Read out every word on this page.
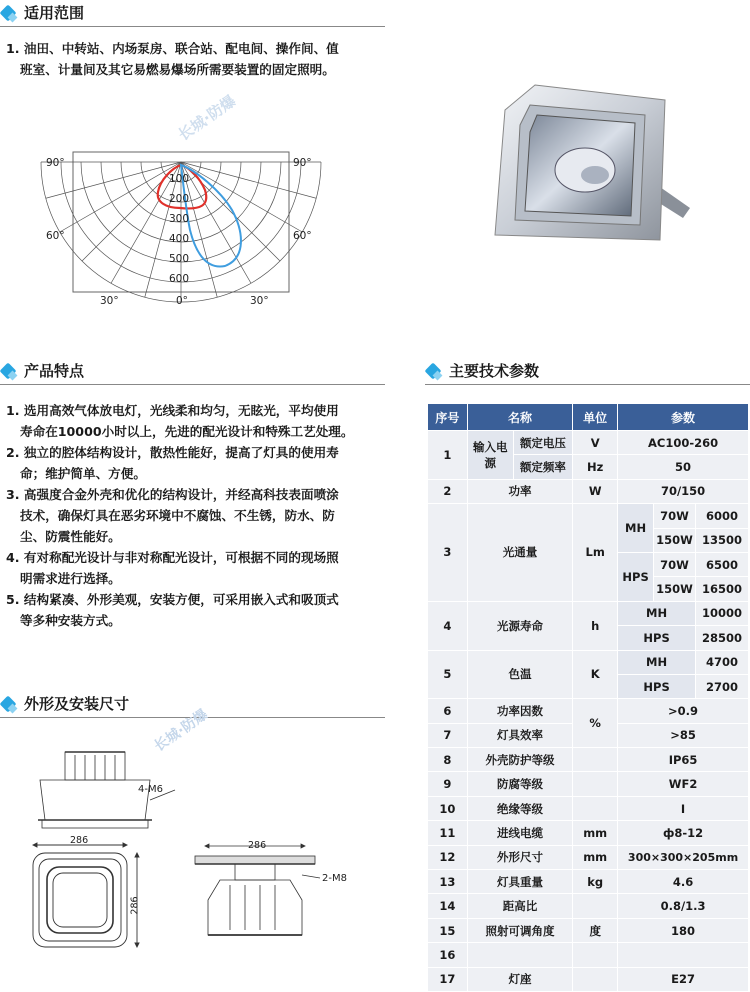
适用范围
1. 油田、中转站、内场泵房、联合站、配电间、操作间、值
班室、计量间及其它易燃易爆场所需要装置的固定照明。
长城·防爆
90°	90°
60°	60°
30°	0°	30°
100
200
300
400
500
600
产品特点
1. 选用高效气体放电灯，光线柔和均匀，无眩光，平均使用
寿命在10000小时以上，先进的配光设计和特殊工艺处理。
2. 独立的腔体结构设计，散热性能好，提高了灯具的使用寿
命；维护简单、方便。
3. 高强度合金外壳和优化的结构设计，并经高科技表面喷涂
技术，确保灯具在恶劣环境中不腐蚀、不生锈，防水、防
尘、防震性能好。
4. 有对称配光设计与非对称配光设计，可根据不同的现场照
明需求进行选择。
5. 结构紧凑、外形美观，安装方便，可采用嵌入式和吸顶式
等多种安装方式。
外形及安装尺寸
长城·防爆
4-M6
286
286
286
2-M8
主要技术参数
序号	名称		单位	参数		
1	输入电源	额定电压	V	AC100-260		
		额定频率	Hz	50		
2	功率		W	70/150		
3	光通量		Lm	MH	70W	6000
					150W	13500
				HPS	70W	6500
					150W	16500
4	光源寿命		h	MH		10000
				HPS		28500
5	色温		K	MH		4700
				HPS		2700
6	功率因数		%	>0.9		
7	灯具效率			>85		
8	外壳防护等级			IP65		
9	防腐等级			WF2		
10	绝缘等级			I		
11	进线电缆		mm	ф8-12		
12	外形尺寸		mm	300×300×205mm		
13	灯具重量		kg	4.6		
14	距高比			0.8/1.3		
15	照射可调角度		度	180		
16						
17	灯座			E27		
